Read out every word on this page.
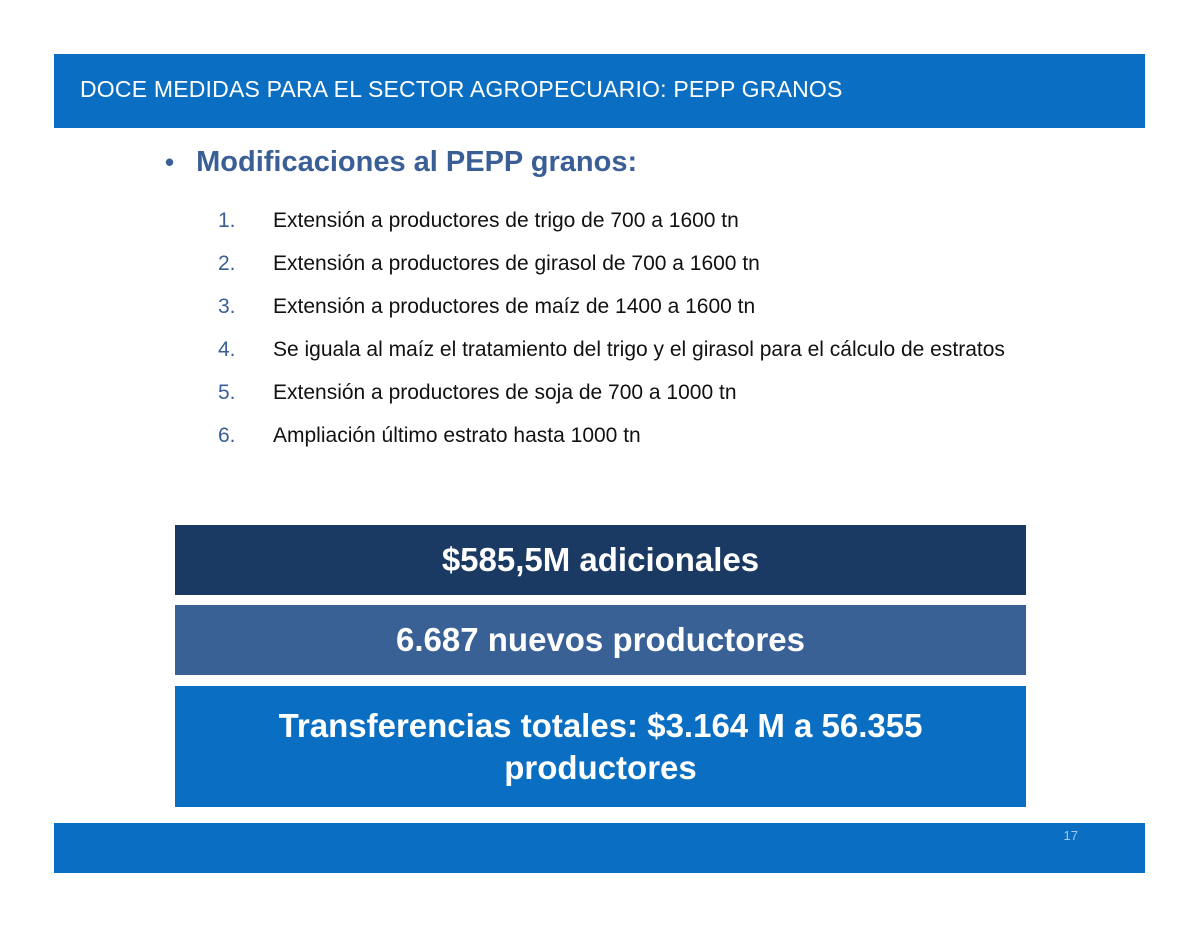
DOCE MEDIDAS PARA EL SECTOR AGROPECUARIO: PEPP GRANOS
• Modificaciones al PEPP granos:
1.	Extensión a productores de trigo de 700 a 1600 tn
2.	Extensión a productores de girasol de 700 a 1600 tn
3.	Extensión a productores de maíz de 1400 a 1600 tn
4.	Se iguala al maíz el tratamiento del trigo y el girasol para el cálculo de estratos
5.	Extensión a productores de soja de 700 a 1000 tn
6.	Ampliación último estrato hasta 1000 tn
$585,5M adicionales
6.687 nuevos productores
Transferencias totales: $3.164 M a 56.355 productores
17
